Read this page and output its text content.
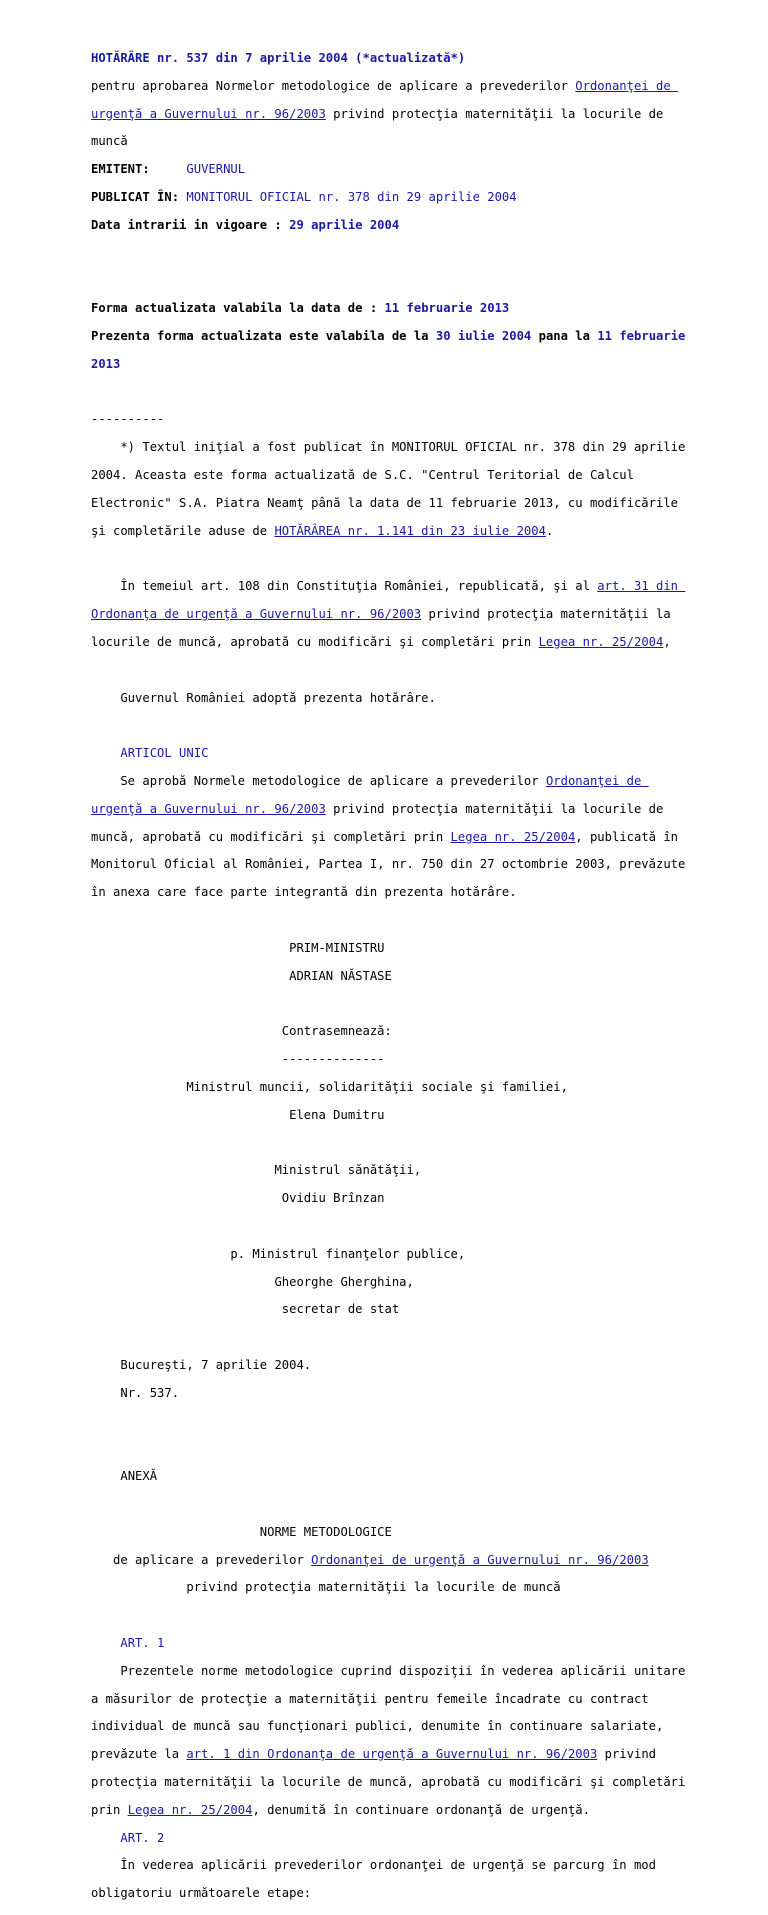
HOTĂRÂRE nr. 537 din 7 aprilie 2004 (*actualizată*)

pentru aprobarea Normelor metodologice de aplicare a prevederilor Ordonanţei de

urgenţă a Guvernului nr. 96/2003 privind protecţia maternităţii la locurile de

muncă

EMITENT:	GUVERNUL

PUBLICAT ÎN: MONITORUL OFICIAL nr. 378 din 29 aprilie 2004

Data intrarii in vigoare : 29 aprilie 2004

Forma actualizata valabila la data de : 11 februarie 2013

Prezenta forma actualizata este valabila de la 30 iulie 2004 pana la 11 februarie

2013

----------

*) Textul iniţial a fost publicat în MONITORUL OFICIAL nr. 378 din 29 aprilie

2004. Aceasta este forma actualizată de S.C. "Centrul Teritorial de Calcul

Electronic" S.A. Piatra Neamţ până la data de 11 februarie 2013, cu modificările

şi completările aduse de HOTĂRÂREA nr. 1.141 din 23 iulie 2004.

În temeiul art. 108 din Constituţia României, republicată, şi al art. 31 din

Ordonanţa de urgenţă a Guvernului nr. 96/2003 privind protecţia maternităţii la

locurile de muncă, aprobată cu modificări şi completări prin Legea nr. 25/2004,

Guvernul României adoptă prezenta hotărâre.

ARTICOL UNIC

Se aprobă Normele metodologice de aplicare a prevederilor Ordonanţei de

urgenţă a Guvernului nr. 96/2003 privind protecţia maternităţii la locurile de

muncă, aprobată cu modificări şi completări prin Legea nr. 25/2004, publicată în

Monitorul Oficial al României, Partea I, nr. 750 din 27 octombrie 2003, prevăzute

în anexa care face parte integrantă din prezenta hotărâre.

PRIM-MINISTRU

ADRIAN NĂSTASE

Contrasemnează:

--------------

Ministrul muncii, solidarităţii sociale şi familiei,

Elena Dumitru

Ministrul sănătăţii,

Ovidiu Brînzan

p. Ministrul finanţelor publice,

Gheorghe Gherghina,

secretar de stat

Bucureşti, 7 aprilie 2004.

Nr. 537.

ANEXĂ

NORME METODOLOGICE

de aplicare a prevederilor Ordonanţei de urgenţă a Guvernului nr. 96/2003

privind protecţia maternităţii la locurile de muncă

ART. 1

Prezentele norme metodologice cuprind dispoziţii în vederea aplicării unitare

a măsurilor de protecţie a maternităţii pentru femeile încadrate cu contract

individual de muncă sau funcţionari publici, denumite în continuare salariate,

prevăzute la art. 1 din Ordonanţa de urgenţă a Guvernului nr. 96/2003 privind

protecţia maternităţii la locurile de muncă, aprobată cu modificări şi completări

prin Legea nr. 25/2004, denumită în continuare ordonanţă de urgenţă.

ART. 2

În vederea aplicării prevederilor ordonanţei de urgenţă se parcurg în mod

obligatoriu următoarele etape:
